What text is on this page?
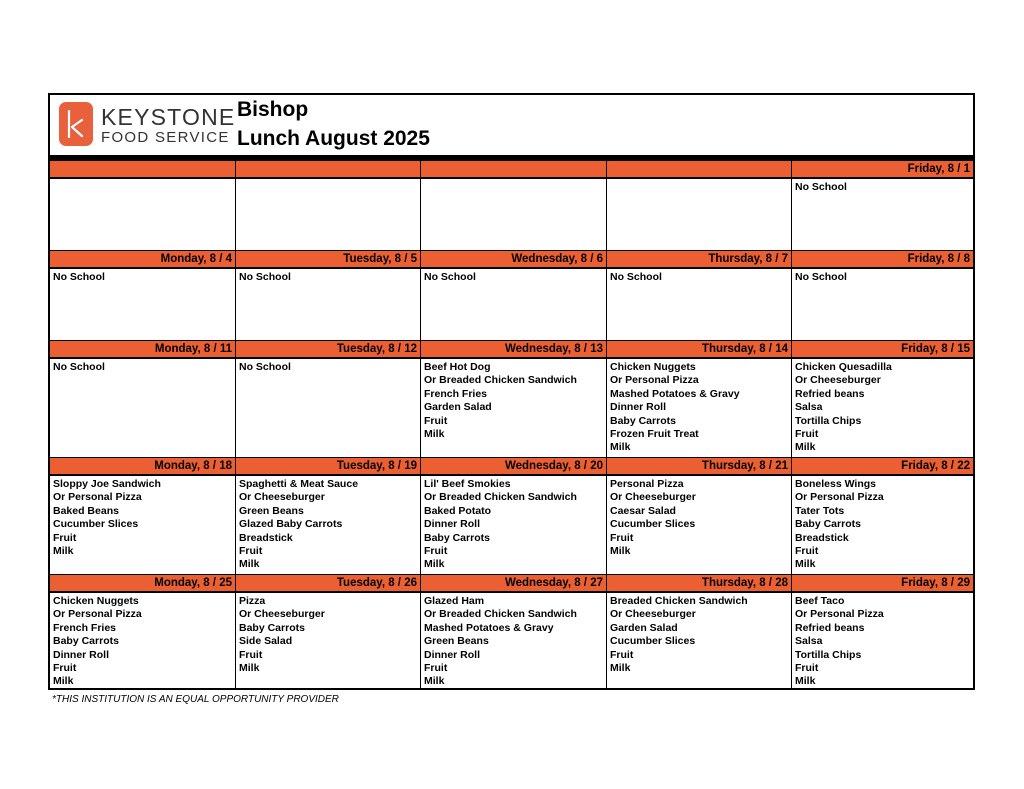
KEYSTONE
FOOD SERVICE
Bishop
Lunch August 2025
Friday, 8 / 1
No School
Monday, 8 / 4
No School
Tuesday, 8 / 5
No School
Wednesday, 8 / 6
No School
Thursday, 8 / 7
No School
Friday, 8 / 8
No School
Monday, 8 / 11
No School
Tuesday, 8 / 12
No School
Wednesday, 8 / 13
Beef Hot Dog
Or Breaded Chicken Sandwich
French Fries
Garden Salad
Fruit
Milk
Thursday, 8 / 14
Chicken Nuggets
Or Personal Pizza
Mashed Potatoes & Gravy
Dinner Roll
Baby Carrots
Frozen Fruit Treat
Milk
Friday, 8 / 15
Chicken Quesadilla
Or Cheeseburger
Refried beans
Salsa
Tortilla Chips
Fruit
Milk
Monday, 8 / 18
Sloppy Joe Sandwich
Or Personal Pizza
Baked Beans
Cucumber Slices
Fruit
Milk
Tuesday, 8 / 19
Spaghetti & Meat Sauce
Or Cheeseburger
Green Beans
Glazed Baby Carrots
Breadstick
Fruit
Milk
Wednesday, 8 / 20
Lil' Beef Smokies
Or Breaded Chicken Sandwich
Baked Potato
Dinner Roll
Baby Carrots
Fruit
Milk
Thursday, 8 / 21
Personal Pizza
Or Cheeseburger
Caesar Salad
Cucumber Slices
Fruit
Milk
Friday, 8 / 22
Boneless Wings
Or Personal Pizza
Tater Tots
Baby Carrots
Breadstick
Fruit
Milk
Monday, 8 / 25
Chicken Nuggets
Or Personal Pizza
French Fries
Baby Carrots
Dinner Roll
Fruit
Milk
Tuesday, 8 / 26
Pizza
Or Cheeseburger
Baby Carrots
Side Salad
Fruit
Milk
Wednesday, 8 / 27
Glazed Ham
Or Breaded Chicken Sandwich
Mashed Potatoes & Gravy
Green Beans
Dinner Roll
Fruit
Milk
Thursday, 8 / 28
Breaded Chicken Sandwich
Or Cheeseburger
Garden Salad
Cucumber Slices
Fruit
Milk
Friday, 8 / 29
Beef Taco
Or Personal Pizza
Refried beans
Salsa
Tortilla Chips
Fruit
Milk
*THIS INSTITUTION IS AN EQUAL OPPORTUNITY PROVIDER
